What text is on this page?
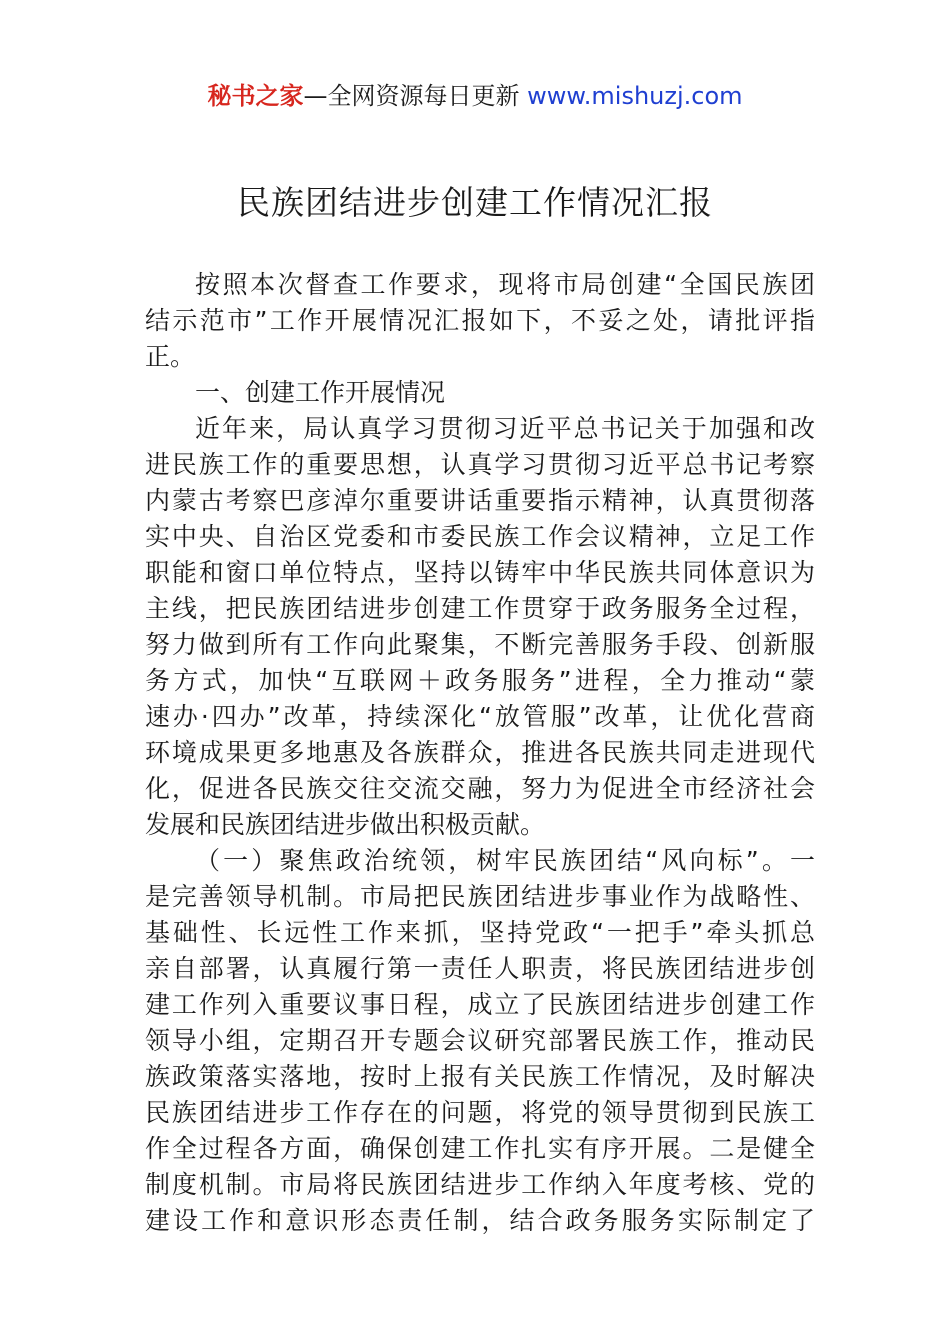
秘书之家—全网资源每日更新 www.mishuzj.com
民族团结进步创建工作情况汇报
按照本次督查工作要求，现将市局创建“全国民族团
结示范市”工作开展情况汇报如下，不妥之处，请批评指
正。
一、创建工作开展情况
近年来，局认真学习贯彻习近平总书记关于加强和改
进民族工作的重要思想，认真学习贯彻习近平总书记考察
内蒙古考察巴彦淖尔重要讲话重要指示精神，认真贯彻落
实中央、自治区党委和市委民族工作会议精神，立足工作
职能和窗口单位特点，坚持以铸牢中华民族共同体意识为
主线，把民族团结进步创建工作贯穿于政务服务全过程，
努力做到所有工作向此聚集，不断完善服务手段、创新服
务方式，加快“互联网＋政务服务”进程，全力推动“蒙
速办·四办”改革，持续深化“放管服”改革，让优化营商
环境成果更多地惠及各族群众，推进各民族共同走进现代
化，促进各民族交往交流交融，努力为促进全市经济社会
发展和民族团结进步做出积极贡献。
（一）聚焦政治统领，树牢民族团结“风向标”。一
是完善领导机制。市局把民族团结进步事业作为战略性、
基础性、长远性工作来抓，坚持党政“一把手”牵头抓总
亲自部署，认真履行第一责任人职责，将民族团结进步创
建工作列入重要议事日程，成立了民族团结进步创建工作
领导小组，定期召开专题会议研究部署民族工作，推动民
族政策落实落地，按时上报有关民族工作情况，及时解决
民族团结进步工作存在的问题，将党的领导贯彻到民族工
作全过程各方面，确保创建工作扎实有序开展。二是健全
制度机制。市局将民族团结进步工作纳入年度考核、党的
建设工作和意识形态责任制，结合政务服务实际制定了
